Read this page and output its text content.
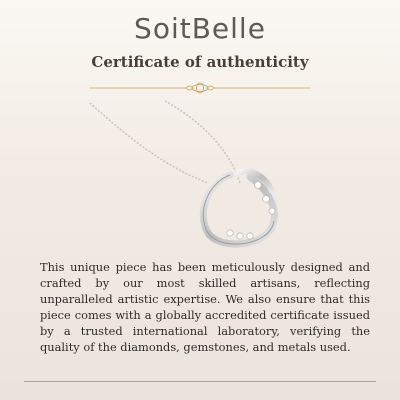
SoitBelle
Certificate of authenticity
This unique piece has been meticulously designed and crafted by our most skilled artisans, reflecting unparalleled artistic expertise. We also ensure that this piece comes with a globally accredited certificate issued by a trusted international laboratory, verifying the quality of the diamonds, gemstones, and metals used.
